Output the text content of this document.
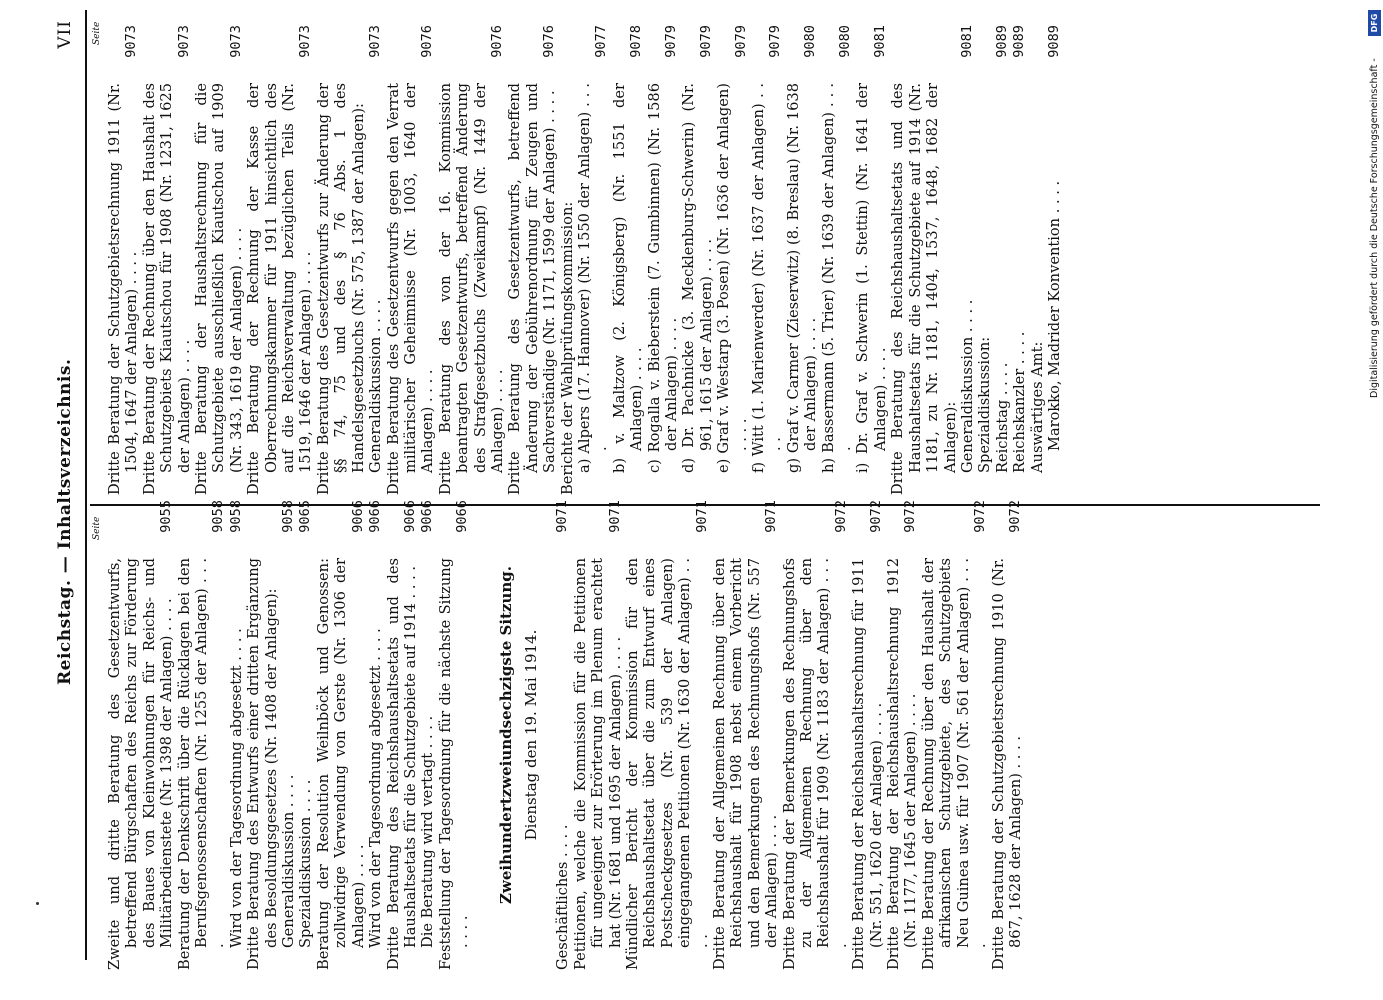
Reichstag. — Inhaltsverzeichnis.
VII
Seite
Seite
Zweite und dritte Beratung des Gesetzentwurfs, betreffend Bürgschaften des Reichs zur Förderung des Baues von Kleinwohnungen für Reichs- und Militärbedienstete (Nr. 1398 der Anlagen) . . . .
9055
Beratung der Denkschrift über die Rücklagen bei den Berufsgenossenschaften (Nr. 1255 der Anlagen) . . . .
9058
Wird von der Tagesordnung abgesetzt . . . .
9058
Dritte Beratung des Entwurfs einer dritten Ergänzung des Besoldungsgesetzes (Nr. 1408 der Anlagen): Generaldiskussion . . . .
9058
Spezialdiskussion . . . .
9065
Beratung der Resolution Weilnböck und Genossen: zollwidrige Verwendung von Gerste (Nr. 1306 der Anlagen) . . . .
9066
Wird von der Tagesordnung abgesetzt . . . .
9066
Dritte Beratung des Reichshaushaltsetats und des Haushaltsetats für die Schutzgebiete auf 1914 . . . .
9066
Die Beratung wird vertagt . . . .
9066
Feststellung der Tagesordnung für die nächste Sitzung . . . .
9066
Zweihundertzweiundsechzigste Sitzung. Dienstag den 19. Mai 1914.
Geschäftliches . . . .
9071
Petitionen, welche die Kommission für die Petitionen für ungeeignet zur Erörterung im Plenum erachtet hat (Nr. 1681 und 1695 der Anlagen) . . . .
9071
Mündlicher Bericht der Kommission für den Reichshaushaltsetat über die zum Entwurf eines Postscheckgesetzes (Nr. 539 der Anlagen) eingegangenen Petitionen (Nr. 1630 der Anlagen) . . . .
9071
Dritte Beratung der Allgemeinen Rechnung über den Reichshaushalt für 1908 nebst einem Vorbericht und den Bemerkungen des Rechnungshofs (Nr. 557 der Anlagen) . . . .
9071
Dritte Beratung der Bemerkungen des Rechnungshofs zu der Allgemeinen Rechnung über den Reichshaushalt für 1909 (Nr. 1183 der Anlagen) . . . .
9072
Dritte Beratung der Reichshaushaltsrechnung für 1911 (Nr. 551, 1620 der Anlagen) . . . .
9072
Dritte Beratung der Reichshaushaltsrechnung 1912 (Nr. 1177, 1645 der Anlagen) . . . .
9072
Dritte Beratung der Rechnung über den Haushalt der afrikanischen Schutzgebiete, des Schutzgebiets Neu Guinea usw. für 1907 (Nr. 561 der Anlagen) . . . .
9072
Dritte Beratung der Schutzgebietsrechnung 1910 (Nr. 867, 1628 der Anlagen) . . . .
9072
Dritte Beratung der Schutzgebietsrechnung 1911 (Nr. 1504, 1647 der Anlagen) . . . .
9073
Dritte Beratung der Rechnung über den Haushalt des Schutzgebiets Kiautschou für 1908 (Nr. 1231, 1625 der Anlagen) . . . .
9073
Dritte Beratung der Haushaltsrechnung für die Schutzgebiete ausschließlich Kiautschou auf 1909 (Nr. 343, 1619 der Anlagen) . . . .
9073
Dritte Beratung der Rechnung der Kasse der Oberrechnungskammer für 1911 hinsichtlich des auf die Reichsverwaltung bezüglichen Teils (Nr. 1519, 1646 der Anlagen) . . . .
9073
Dritte Beratung des Gesetzentwurfs zur Änderung der §§ 74, 75 und des § 76 Abs. 1 des Handelsgesetzbuchs (Nr. 575, 1387 der Anlagen): Generaldiskussion . . . .
9073
Dritte Beratung des Gesetzentwurfs gegen den Verrat militärischer Geheimnisse (Nr. 1003, 1640 der Anlagen) . . . .
9076
Dritte Beratung des von der 16. Kommission beantragten Gesetzentwurfs, betreffend Änderung des Strafgesetzbuchs (Zweikampf) (Nr. 1449 der Anlagen) . . . .
9076
Dritte Beratung des Gesetzentwurfs, betreffend Änderung der Gebührenordnung für Zeugen und Sachverständige (Nr. 1171, 1599 der Anlagen) . . . .
9076
Berichte der Wahlprüfungskommission: a) Alpers (17. Hannover) (Nr. 1550 der Anlagen) . . . .
9077
b) v. Maltzow (2. Königsberg) (Nr. 1551 der Anlagen) . . . .
9078
c) Rogalla v. Bieberstein (7. Gumbinnen) (Nr. 1586 der Anlagen) . . . .
9079
d) Dr. Pachnicke (3. Mecklenburg-Schwerin) (Nr. 961, 1615 der Anlagen) . . . .
9079
e) Graf v. Westarp (3. Posen) (Nr. 1636 der Anlagen) . . . .
9079
f) Witt (1. Marienwerder) (Nr. 1637 der Anlagen) . . . .
9079
g) Graf v. Carmer (Zieserwitz) (8. Breslau) (Nr. 1638 der Anlagen) . . . .
9080
h) Bassermann (5. Trier) (Nr. 1639 der Anlagen) . . . .
9080
i) Dr. Graf v. Schwerin (1. Stettin) (Nr. 1641 der Anlagen) . . . .
9081
Dritte Beratung des Reichshaushaltsetats und des Haushaltsetats für die Schutzgebiete auf 1914 (Nr. 1181, zu Nr. 1181, 1404, 1537, 1648, 1682 der Anlagen): Generaldiskussion . . . .
9081
Spezialdiskussion: Reichstag . . . .
9089
Reichskanzler . . . .
9089
Auswärtiges Amt: Marokko, Madrider Konvention . . . .
9089
DFG
Digitalisierung gefördert durch die Deutsche Forschungsgemeinschaft -
